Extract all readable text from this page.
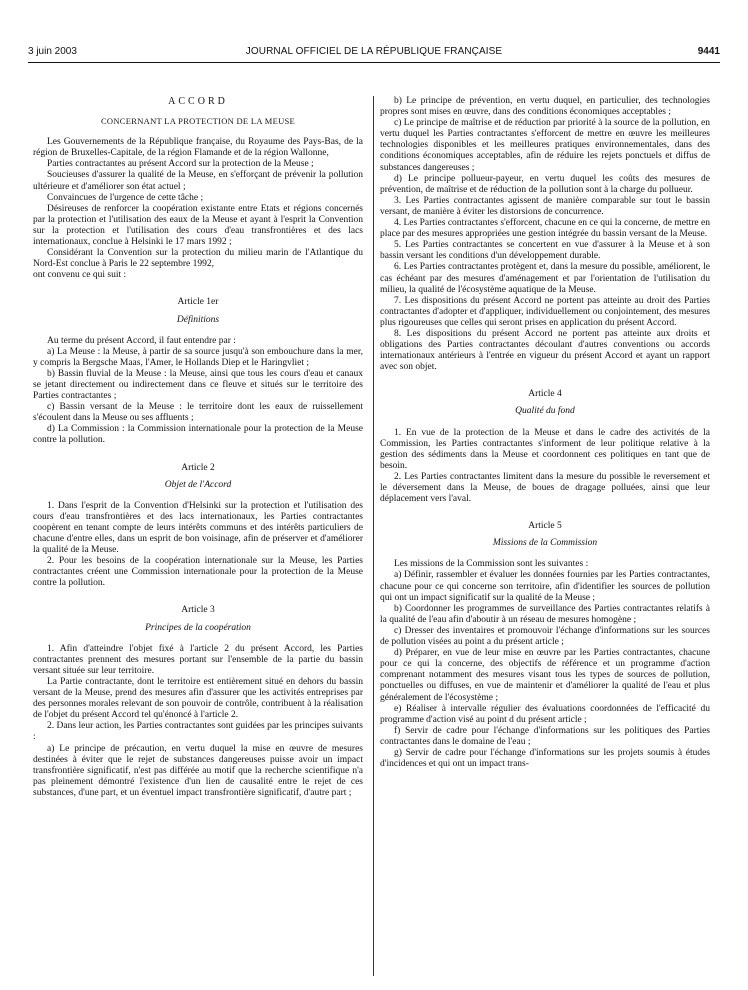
3 juin 2003	JOURNAL OFFICIEL DE LA RÉPUBLIQUE FRANÇAISE	9441
ACCORD
CONCERNANT LA PROTECTION DE LA MEUSE

Les Gouvernements de la République française, du Royaume des Pays-Bas, de la région de Bruxelles-Capitale, de la région Flamande et de la région Wallonne,

Parties contractantes au présent Accord sur la protection de la Meuse ;

Soucieuses d'assurer la qualité de la Meuse, en s'efforçant de prévenir la pollution ultérieure et d'améliorer son état actuel ;

Convaincues de l'urgence de cette tâche ;

Désireuses de renforcer la coopération existante entre Etats et régions concernés par la protection et l'utilisation des eaux de la Meuse et ayant à l'esprit la Convention sur la protection et l'utilisation des cours d'eau transfrontières et des lacs internationaux, conclue à Helsinki le 17 mars 1992 ;

Considérant la Convention sur la protection du milieu marin de l'Atlantique du Nord-Est conclue à Paris le 22 septembre 1992,

ont convenu ce qui suit :

Article 1er
Définitions

Au terme du présent Accord, il faut entendre par :

a) La Meuse : la Meuse, à partir de sa source jusqu'à son embouchure dans la mer, y compris la Bergsche Maas, l'Amer, le Hollands Diep et le Haringvliet ;

b) Bassin fluvial de la Meuse : la Meuse, ainsi que tous les cours d'eau et canaux se jetant directement ou indirectement dans ce fleuve et situés sur le territoire des Parties contractantes ;

c) Bassin versant de la Meuse : le territoire dont les eaux de ruissellement s'écoulent dans la Meuse ou ses affluents ;

d) La Commission : la Commission internationale pour la protection de la Meuse contre la pollution.

Article 2
Objet de l'Accord

1. Dans l'esprit de la Convention d'Helsinki sur la protection et l'utilisation des cours d'eau transfrontières et des lacs internationaux, les Parties contractantes coopèrent en tenant compte de leurs intérêts communs et des intérêts particuliers de chacune d'entre elles, dans un esprit de bon voisinage, afin de préserver et d'améliorer la qualité de la Meuse.

2. Pour les besoins de la coopération internationale sur la Meuse, les Parties contractantes créent une Commission internationale pour la protection de la Meuse contre la pollution.

Article 3
Principes de la coopération

1. Afin d'atteindre l'objet fixé à l'article 2 du présent Accord, les Parties contractantes prennent des mesures portant sur l'ensemble de la partie du bassin versant située sur leur territoire.

La Partie contractante, dont le territoire est entièrement situé en dehors du bassin versant de la Meuse, prend des mesures afin d'assurer que les activités entreprises par des personnes morales relevant de son pouvoir de contrôle, contribuent à la réalisation de l'objet du présent Accord tel qu'énoncé à l'article 2.

2. Dans leur action, les Parties contractantes sont guidées par les principes suivants :

a) Le principe de précaution, en vertu duquel la mise en œuvre de mesures destinées à éviter que le rejet de substances dangereuses puisse avoir un impact transfrontière significatif, n'est pas différée au motif que la recherche scientifique n'a pas pleinement démontré l'existence d'un lien de causalité entre le rejet de ces substances, d'une part, et un éventuel impact transfrontière significatif, d'autre part ;

b) Le principe de prévention, en vertu duquel, en particulier, des technologies propres sont mises en œuvre, dans des conditions économiques acceptables ;

c) Le principe de maîtrise et de réduction par priorité à la source de la pollution, en vertu duquel les Parties contractantes s'efforcent de mettre en œuvre les meilleures technologies disponibles et les meilleures pratiques environnementales, dans des conditions économiques acceptables, afin de réduire les rejets ponctuels et diffus de substances dangereuses ;

d) Le principe pollueur-payeur, en vertu duquel les coûts des mesures de prévention, de maîtrise et de réduction de la pollution sont à la charge du pollueur.

3. Les Parties contractantes agissent de manière comparable sur tout le bassin versant, de manière à éviter les distorsions de concurrence.

4. Les Parties contractantes s'efforcent, chacune en ce qui la concerne, de mettre en place par des mesures appropriées une gestion intégrée du bassin versant de la Meuse.

5. Les Parties contractantes se concertent en vue d'assurer à la Meuse et à son bassin versant les conditions d'un développement durable.

6. Les Parties contractantes protègent et, dans la mesure du possible, améliorent, le cas échéant par des mesures d'aménagement et par l'orientation de l'utilisation du milieu, la qualité de l'écosystème aquatique de la Meuse.

7. Les dispositions du présent Accord ne portent pas atteinte au droit des Parties contractantes d'adopter et d'appliquer, individuellement ou conjointement, des mesures plus rigoureuses que celles qui seront prises en application du présent Accord.

8. Les dispositions du présent Accord ne portent pas atteinte aux droits et obligations des Parties contractantes découlant d'autres conventions ou accords internationaux antérieurs à l'entrée en vigueur du présent Accord et ayant un rapport avec son objet.

Article 4
Qualité du fond

1. En vue de la protection de la Meuse et dans le cadre des activités de la Commission, les Parties contractantes s'informent de leur politique relative à la gestion des sédiments dans la Meuse et coordonnent ces politiques en tant que de besoin.

2. Les Parties contractantes limitent dans la mesure du possible le reversement et le déversement dans la Meuse, de boues de dragage polluées, ainsi que leur déplacement vers l'aval.

Article 5
Missions de la Commission

Les missions de la Commission sont les suivantes :

a) Définir, rassembler et évaluer les données fournies par les Parties contractantes, chacune pour ce qui concerne son territoire, afin d'identifier les sources de pollution qui ont un impact significatif sur la qualité de la Meuse ;

b) Coordonner les programmes de surveillance des Parties contractantes relatifs à la qualité de l'eau afin d'aboutir à un réseau de mesures homogène ;

c) Dresser des inventaires et promouvoir l'échange d'informations sur les sources de pollution visées au point a du présent article ;

d) Préparer, en vue de leur mise en œuvre par les Parties contractantes, chacune pour ce qui la concerne, des objectifs de référence et un programme d'action comprenant notamment des mesures visant tous les types de sources de pollution, ponctuelles ou diffuses, en vue de maintenir et d'améliorer la qualité de l'eau et plus généralement de l'écosystème ;

e) Réaliser à intervalle régulier des évaluations coordonnées de l'efficacité du programme d'action visé au point d du présent article ;

f) Servir de cadre pour l'échange d'informations sur les politiques des Parties contractantes dans le domaine de l'eau ;

g) Servir de cadre pour l'échange d'informations sur les projets soumis à études d'incidences et qui ont un impact trans-
